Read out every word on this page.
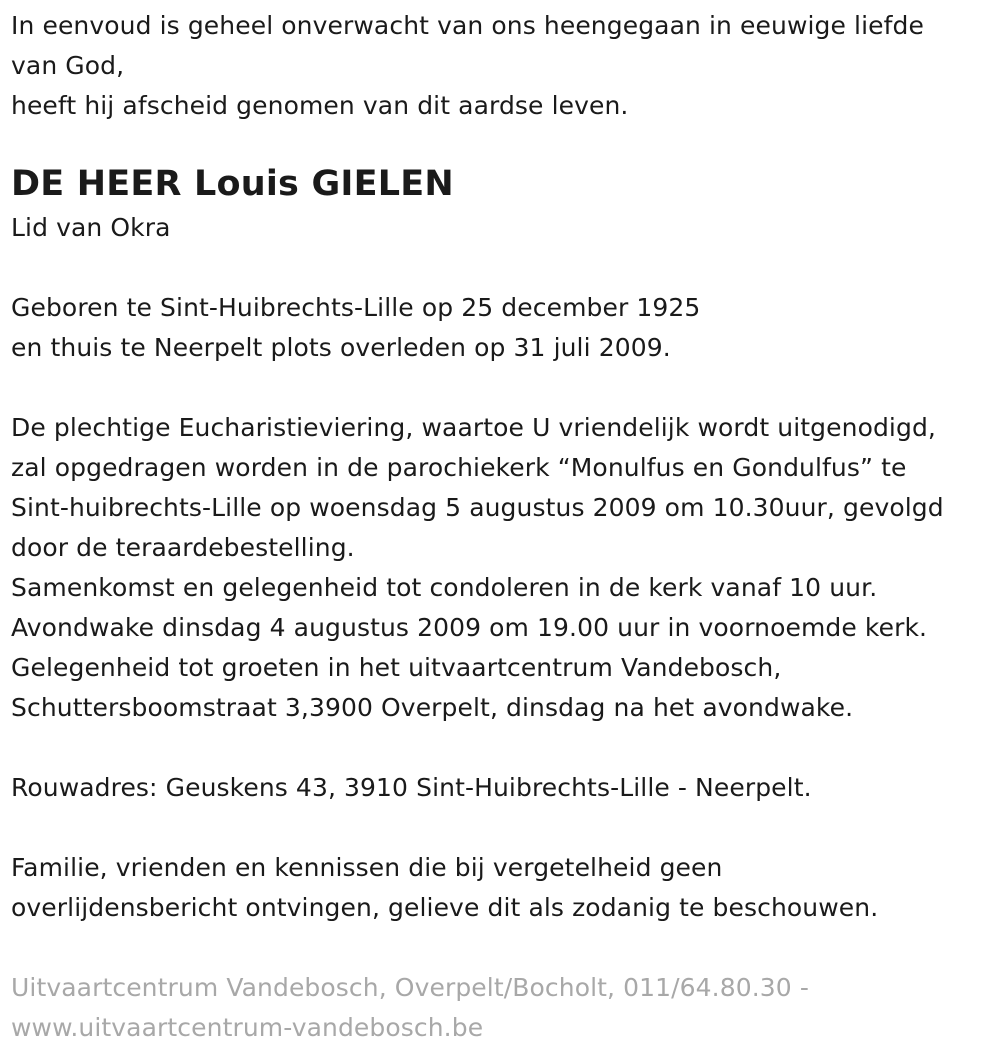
In eenvoud is geheel onverwacht van ons heengegaan in eeuwige liefde
van God,
heeft hij afscheid genomen van dit aardse leven.

DE HEER Louis GIELEN

Lid van Okra

Geboren te Sint-Huibrechts-Lille op 25 december 1925
en thuis te Neerpelt plots overleden op 31 juli 2009.

De plechtige Eucharistieviering, waartoe U vriendelijk wordt uitgenodigd,
zal opgedragen worden in de parochiekerk “Monulfus en Gondulfus” te
Sint-huibrechts-Lille op woensdag 5 augustus 2009 om 10.30uur, gevolgd
door de teraardebestelling.
Samenkomst en gelegenheid tot condoleren in de kerk vanaf 10 uur.
Avondwake dinsdag 4 augustus 2009 om 19.00 uur in voornoemde kerk.
Gelegenheid tot groeten in het uitvaartcentrum Vandebosch,
Schuttersboomstraat 3,3900 Overpelt, dinsdag na het avondwake.

Rouwadres: Geuskens 43, 3910 Sint-Huibrechts-Lille - Neerpelt.

Familie, vrienden en kennissen die bij vergetelheid geen
overlijdensbericht ontvingen, gelieve dit als zodanig te beschouwen.

Uitvaartcentrum Vandebosch, Overpelt/Bocholt, 011/64.80.30 -
www.uitvaartcentrum-vandebosch.be
